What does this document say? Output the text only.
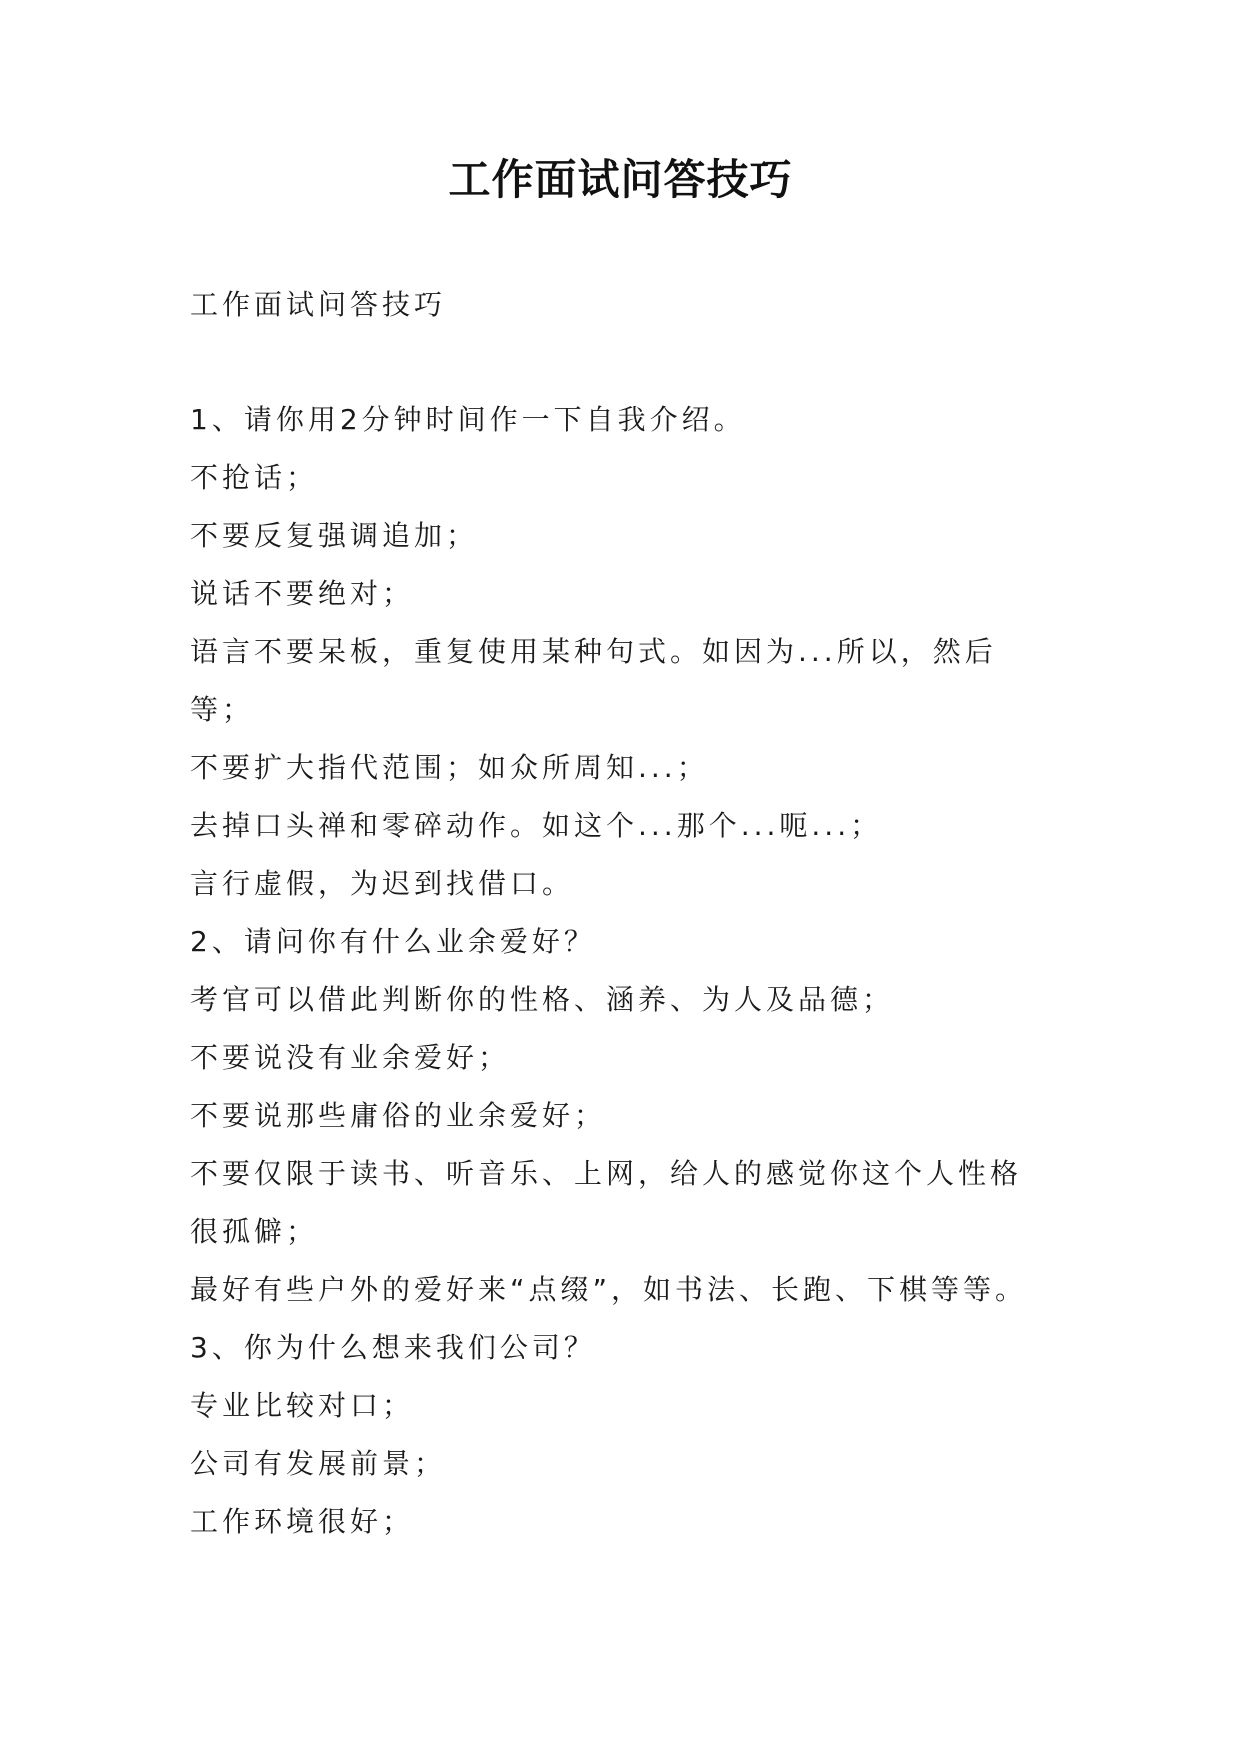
工作面试问答技巧
工作面试问答技巧
1、请你用2分钟时间作一下自我介绍。
不抢话；
不要反复强调追加；
说话不要绝对；
语言不要呆板，重复使用某种句式。如因为...所以，然后
等；
不要扩大指代范围；如众所周知...；
去掉口头禅和零碎动作。如这个...那个...呃...；
言行虚假，为迟到找借口。
2、请问你有什么业余爱好？
考官可以借此判断你的性格、涵养、为人及品德；
不要说没有业余爱好；
不要说那些庸俗的业余爱好；
不要仅限于读书、听音乐、上网，给人的感觉你这个人性格
很孤僻；
最好有些户外的爱好来“点缀”，如书法、长跑、下棋等等。
3、你为什么想来我们公司？
专业比较对口；
公司有发展前景；
工作环境很好；
